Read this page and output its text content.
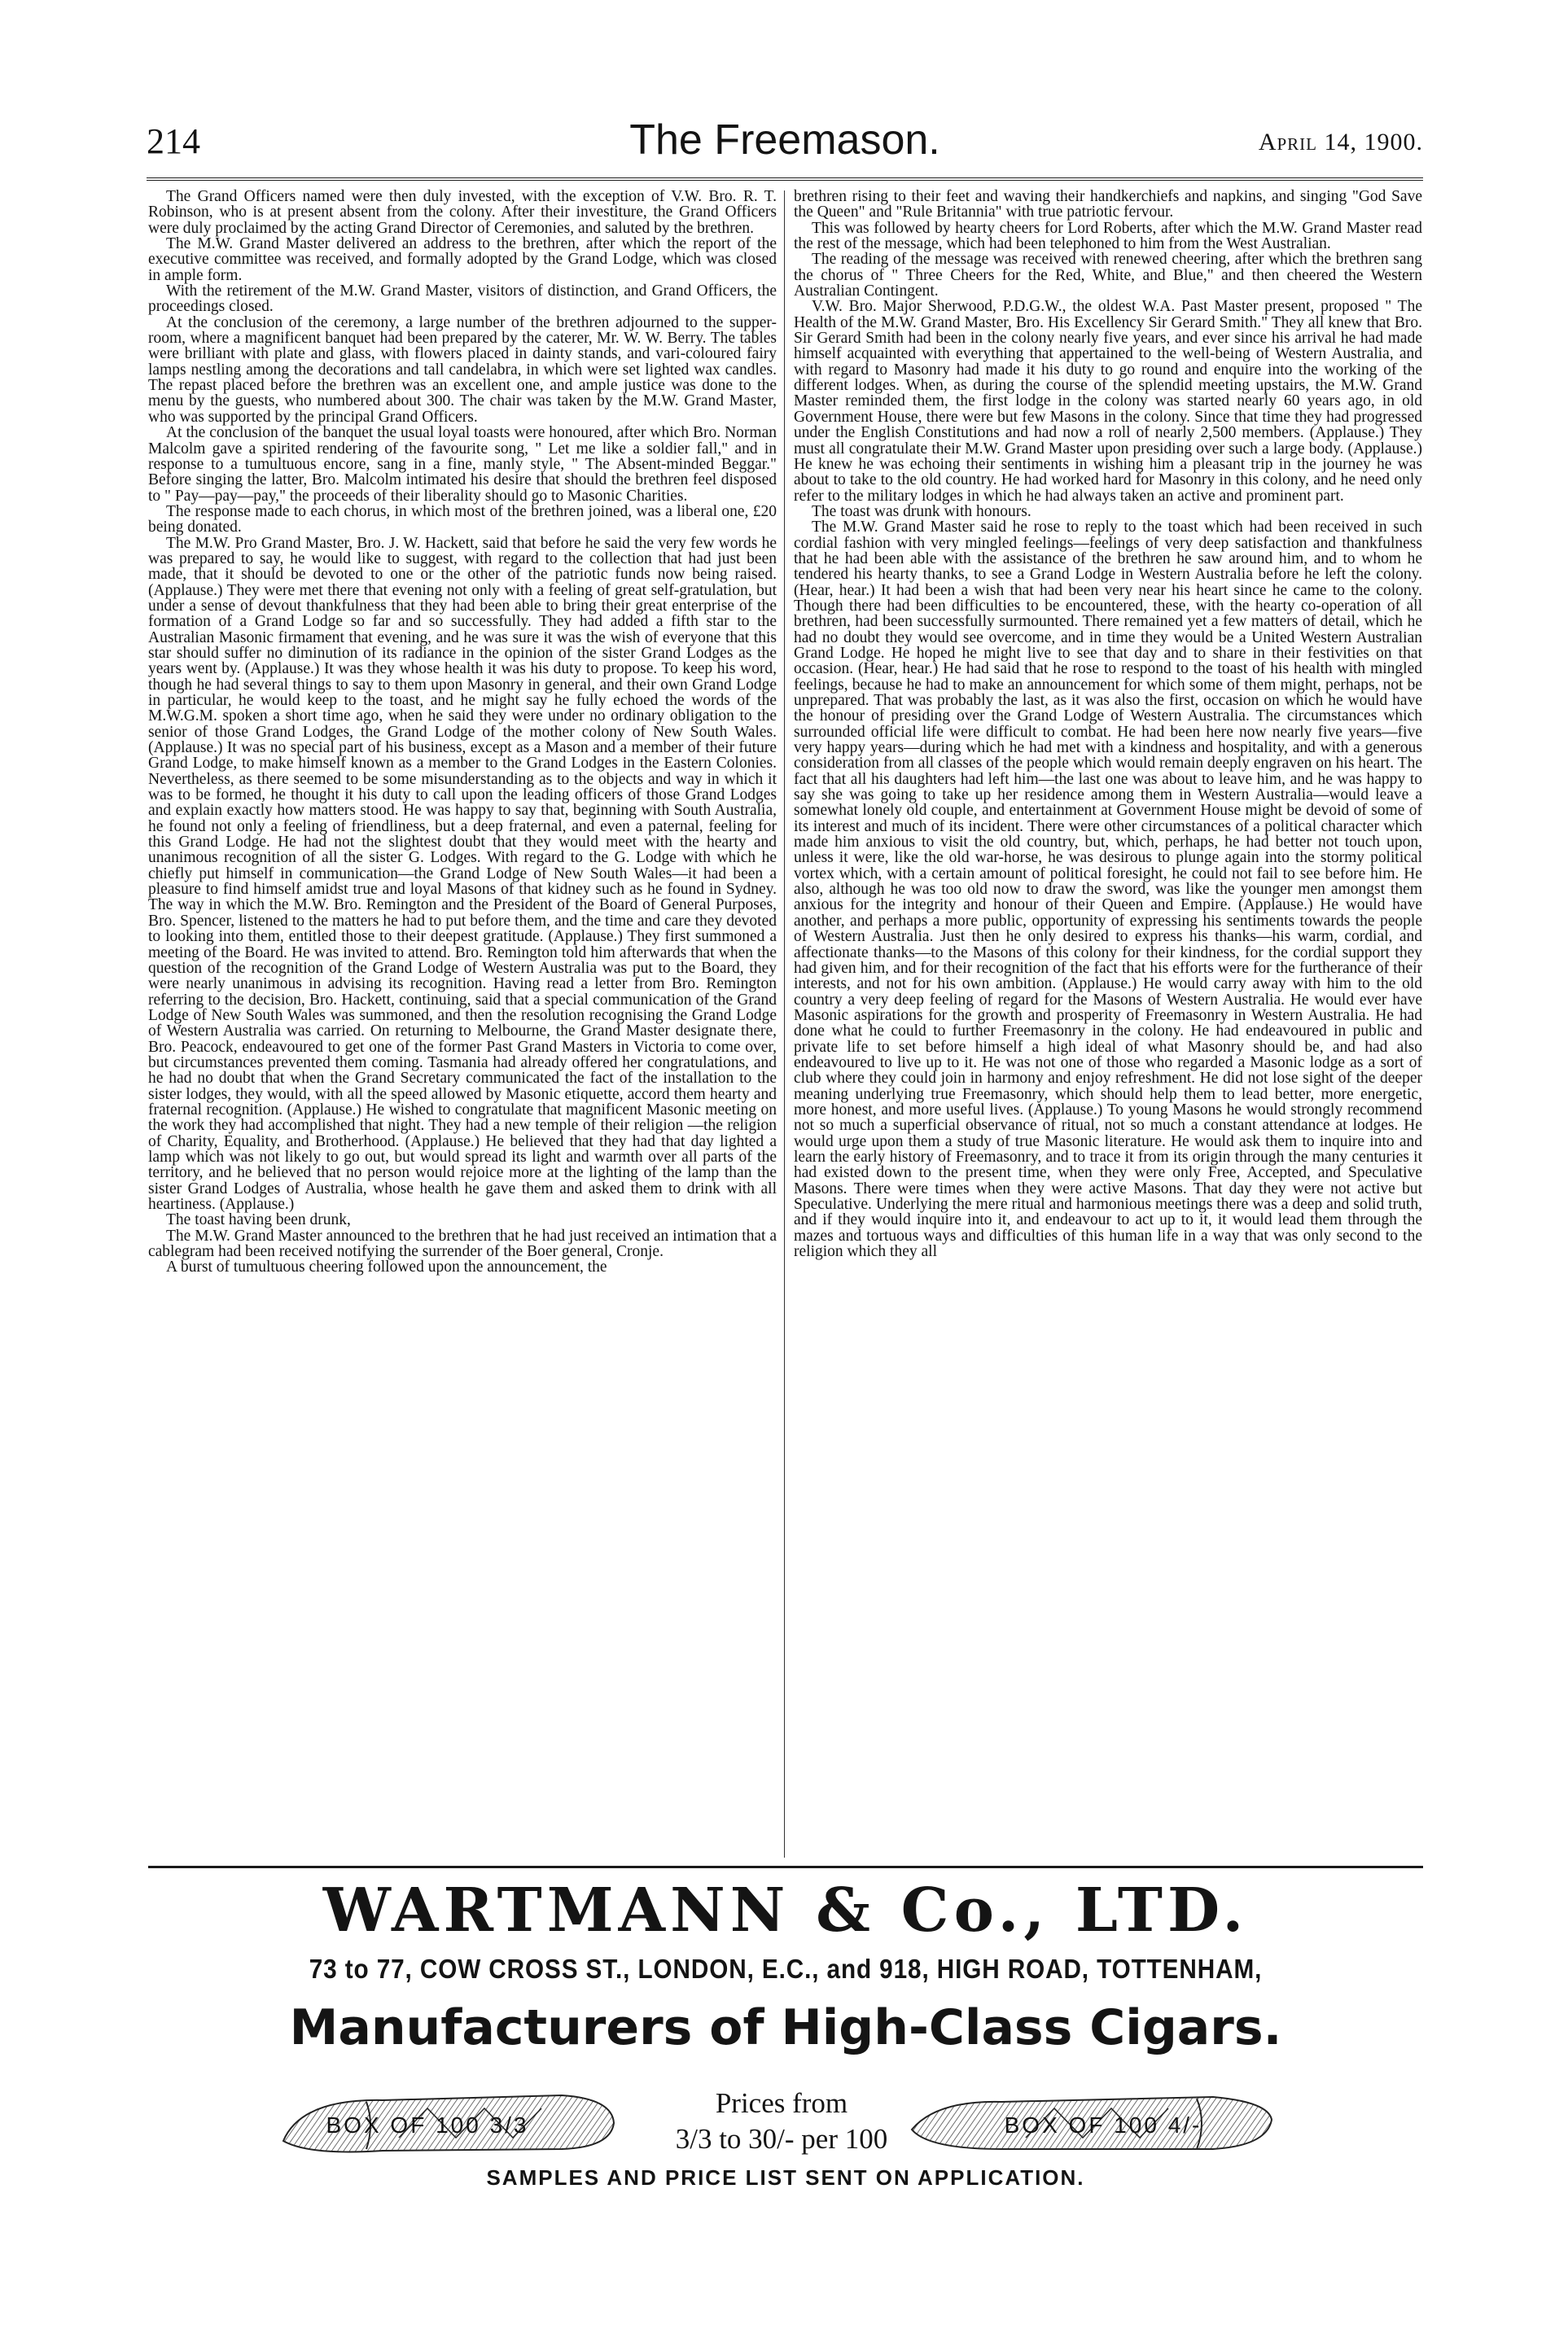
214	The Freemason.	April 14, 1900.

The Grand Officers named were then duly invested, with the exception of V.W. Bro. R. T. Robinson, who is at present absent from the colony. After their investiture, the Grand Officers were duly proclaimed by the acting Grand Director of Ceremonies, and saluted by the brethren.

The M.W. Grand Master delivered an address to the brethren, after which the report of the executive committee was received, and formally adopted by the Grand Lodge, which was closed in ample form.

With the retirement of the M.W. Grand Master, visitors of distinction, and Grand Officers, the proceedings closed.

At the conclusion of the ceremony, a large number of the brethren adjourned to the supper-room, where a magnificent banquet had been prepared by the caterer, Mr. W. W. Berry. The tables were brilliant with plate and glass, with flowers placed in dainty stands, and vari-coloured fairy lamps nestling among the decorations and tall candelabra, in which were set lighted wax candles. The repast placed before the brethren was an excellent one, and ample justice was done to the menu by the guests, who numbered about 300. The chair was taken by the M.W. Grand Master, who was supported by the principal Grand Officers.

At the conclusion of the banquet the usual loyal toasts were honoured, after which Bro. Norman Malcolm gave a spirited rendering of the favourite song, " Let me like a soldier fall," and in response to a tumultuous encore, sang in a fine, manly style, " The Absent-minded Beggar." Before singing the latter, Bro. Malcolm intimated his desire that should the brethren feel disposed to " Pay—pay—pay," the proceeds of their liberality should go to Masonic Charities.

The response made to each chorus, in which most of the brethren joined, was a liberal one, £20 being donated.

The M.W. Pro Grand Master, Bro. J. W. Hackett, said that before he said the very few words he was prepared to say, he would like to suggest, with regard to the collection that had just been made, that it should be devoted to one or the other of the patriotic funds now being raised. (Applause.) They were met there that evening not only with a feeling of great self-gratulation, but under a sense of devout thankfulness that they had been able to bring their great enterprise of the formation of a Grand Lodge so far and so successfully. They had added a fifth star to the Australian Masonic firmament that evening, and he was sure it was the wish of everyone that this star should suffer no diminution of its radiance in the opinion of the sister Grand Lodges as the years went by. (Applause.) It was they whose health it was his duty to propose. To keep his word, though he had several things to say to them upon Masonry in general, and their own Grand Lodge in particular, he would keep to the toast, and he might say he fully echoed the words of the M.W.G.M. spoken a short time ago, when he said they were under no ordinary obligation to the senior of those Grand Lodges, the Grand Lodge of the mother colony of New South Wales. (Applause.) It was no special part of his business, except as a Mason and a member of their future Grand Lodge, to make himself known as a member to the Grand Lodges in the Eastern Colonies. Nevertheless, as there seemed to be some misunderstanding as to the objects and way in which it was to be formed, he thought it his duty to call upon the leading officers of those Grand Lodges and explain exactly how matters stood. He was happy to say that, beginning with South Australia, he found not only a feeling of friendliness, but a deep fraternal, and even a paternal, feeling for this Grand Lodge. He had not the slightest doubt that they would meet with the hearty and unanimous recognition of all the sister G. Lodges. With regard to the G. Lodge with which he chiefly put himself in communication—the Grand Lodge of New South Wales—it had been a pleasure to find himself amidst true and loyal Masons of that kidney such as he found in Sydney. The way in which the M.W. Bro. Remington and the President of the Board of General Purposes, Bro. Spencer, listened to the matters he had to put before them, and the time and care they devoted to looking into them, entitled those to their deepest gratitude. (Applause.) They first summoned a meeting of the Board. He was invited to attend. Bro. Remington told him afterwards that when the question of the recognition of the Grand Lodge of Western Australia was put to the Board, they were nearly unanimous in advising its recognition. Having read a letter from Bro. Remington referring to the decision, Bro. Hackett, continuing, said that a special communication of the Grand Lodge of New South Wales was summoned, and then the resolution recognising the Grand Lodge of Western Australia was carried. On returning to Melbourne, the Grand Master designate there, Bro. Peacock, endeavoured to get one of the former Past Grand Masters in Victoria to come over, but circumstances prevented them coming. Tasmania had already offered her congratulations, and he had no doubt that when the Grand Secretary communicated the fact of the installation to the sister lodges, they would, with all the speed allowed by Masonic etiquette, accord them hearty and fraternal recognition. (Applause.) He wished to congratulate that magnificent Masonic meeting on the work they had accomplished that night. They had a new temple of their religion —the religion of Charity, Equality, and Brotherhood. (Applause.) He believed that they had that day lighted a lamp which was not likely to go out, but would spread its light and warmth over all parts of the territory, and he believed that no person would rejoice more at the lighting of the lamp than the sister Grand Lodges of Australia, whose health he gave them and asked them to drink with all heartiness. (Applause.)

The toast having been drunk,

The M.W. Grand Master announced to the brethren that he had just received an intimation that a cablegram had been received notifying the surrender of the Boer general, Cronje.

A burst of tumultuous cheering followed upon the announcement, the

brethren rising to their feet and waving their handkerchiefs and napkins, and singing "God Save the Queen" and "Rule Britannia" with true patriotic fervour.

This was followed by hearty cheers for Lord Roberts, after which the M.W. Grand Master read the rest of the message, which had been telephoned to him from the West Australian.

The reading of the message was received with renewed cheering, after which the brethren sang the chorus of " Three Cheers for the Red, White, and Blue," and then cheered the Western Australian Contingent.

V.W. Bro. Major Sherwood, P.D.G.W., the oldest W.A. Past Master present, proposed " The Health of the M.W. Grand Master, Bro. His Excellency Sir Gerard Smith." They all knew that Bro. Sir Gerard Smith had been in the colony nearly five years, and ever since his arrival he had made himself acquainted with everything that appertained to the well-being of Western Australia, and with regard to Masonry had made it his duty to go round and enquire into the working of the different lodges. When, as during the course of the splendid meeting upstairs, the M.W. Grand Master reminded them, the first lodge in the colony was started nearly 60 years ago, in old Government House, there were but few Masons in the colony. Since that time they had progressed under the English Constitutions and had now a roll of nearly 2,500 members. (Applause.) They must all congratulate their M.W. Grand Master upon presiding over such a large body. (Applause.) He knew he was echoing their sentiments in wishing him a pleasant trip in the journey he was about to take to the old country. He had worked hard for Masonry in this colony, and he need only refer to the military lodges in which he had always taken an active and prominent part.

The toast was drunk with honours.

The M.W. Grand Master said he rose to reply to the toast which had been received in such cordial fashion with very mingled feelings—feelings of very deep satisfaction and thankfulness that he had been able with the assistance of the brethren he saw around him, and to whom he tendered his hearty thanks, to see a Grand Lodge in Western Australia before he left the colony. (Hear, hear.) It had been a wish that had been very near his heart since he came to the colony. Though there had been difficulties to be encountered, these, with the hearty co-operation of all brethren, had been successfully surmounted. There remained yet a few matters of detail, which he had no doubt they would see overcome, and in time they would be a United Western Australian Grand Lodge. He hoped he might live to see that day and to share in their festivities on that occasion. (Hear, hear.) He had said that he rose to respond to the toast of his health with mingled feelings, because he had to make an announcement for which some of them might, perhaps, not be unprepared. That was probably the last, as it was also the first, occasion on which he would have the honour of presiding over the Grand Lodge of Western Australia. The circumstances which surrounded official life were difficult to combat. He had been here now nearly five years—five very happy years—during which he had met with a kindness and hospitality, and with a generous consideration from all classes of the people which would remain deeply engraven on his heart. The fact that all his daughters had left him—the last one was about to leave him, and he was happy to say she was going to take up her residence among them in Western Australia—would leave a somewhat lonely old couple, and entertainment at Government House might be devoid of some of its interest and much of its incident. There were other circumstances of a political character which made him anxious to visit the old country, but, which, perhaps, he had better not touch upon, unless it were, like the old war-horse, he was desirous to plunge again into the stormy political vortex which, with a certain amount of political foresight, he could not fail to see before him. He also, although he was too old now to draw the sword, was like the younger men amongst them anxious for the integrity and honour of their Queen and Empire. (Applause.) He would have another, and perhaps a more public, opportunity of expressing his sentiments towards the people of Western Australia. Just then he only desired to express his thanks—his warm, cordial, and affectionate thanks—to the Masons of this colony for their kindness, for the cordial support they had given him, and for their recognition of the fact that his efforts were for the furtherance of their interests, and not for his own ambition. (Applause.) He would carry away with him to the old country a very deep feeling of regard for the Masons of Western Australia. He would ever have Masonic aspirations for the growth and prosperity of Freemasonry in Western Australia. He had done what he could to further Freemasonry in the colony. He had endeavoured in public and private life to set before himself a high ideal of what Masonry should be, and had also endeavoured to live up to it. He was not one of those who regarded a Masonic lodge as a sort of club where they could join in harmony and enjoy refreshment. He did not lose sight of the deeper meaning underlying true Freemasonry, which should help them to lead better, more energetic, more honest, and more useful lives. (Applause.) To young Masons he would strongly recommend not so much a superficial observance of ritual, not so much a constant attendance at lodges. He would urge upon them a study of true Masonic literature. He would ask them to inquire into and learn the early history of Freemasonry, and to trace it from its origin through the many centuries it had existed down to the present time, when they were only Free, Accepted, and Speculative Masons. There were times when they were active Masons. That day they were not active but Speculative. Underlying the mere ritual and harmonious meetings there was a deep and solid truth, and if they would inquire into it, and endeavour to act up to it, it would lead them through the mazes and tortuous ways and difficulties of this human life in a way that was only second to the religion which they all

WARTMANN & Co., LTD.
73 to 77, COW CROSS ST., LONDON, E.C., and 918, HIGH ROAD, TOTTENHAM,
Manufacturers of High-Class Cigars.
BOX OF 100 3/3
Prices from
3/3 to 30/- per 100	BOX OF 100 4/-
SAMPLES AND PRICE LIST SENT ON APPLICATION.
